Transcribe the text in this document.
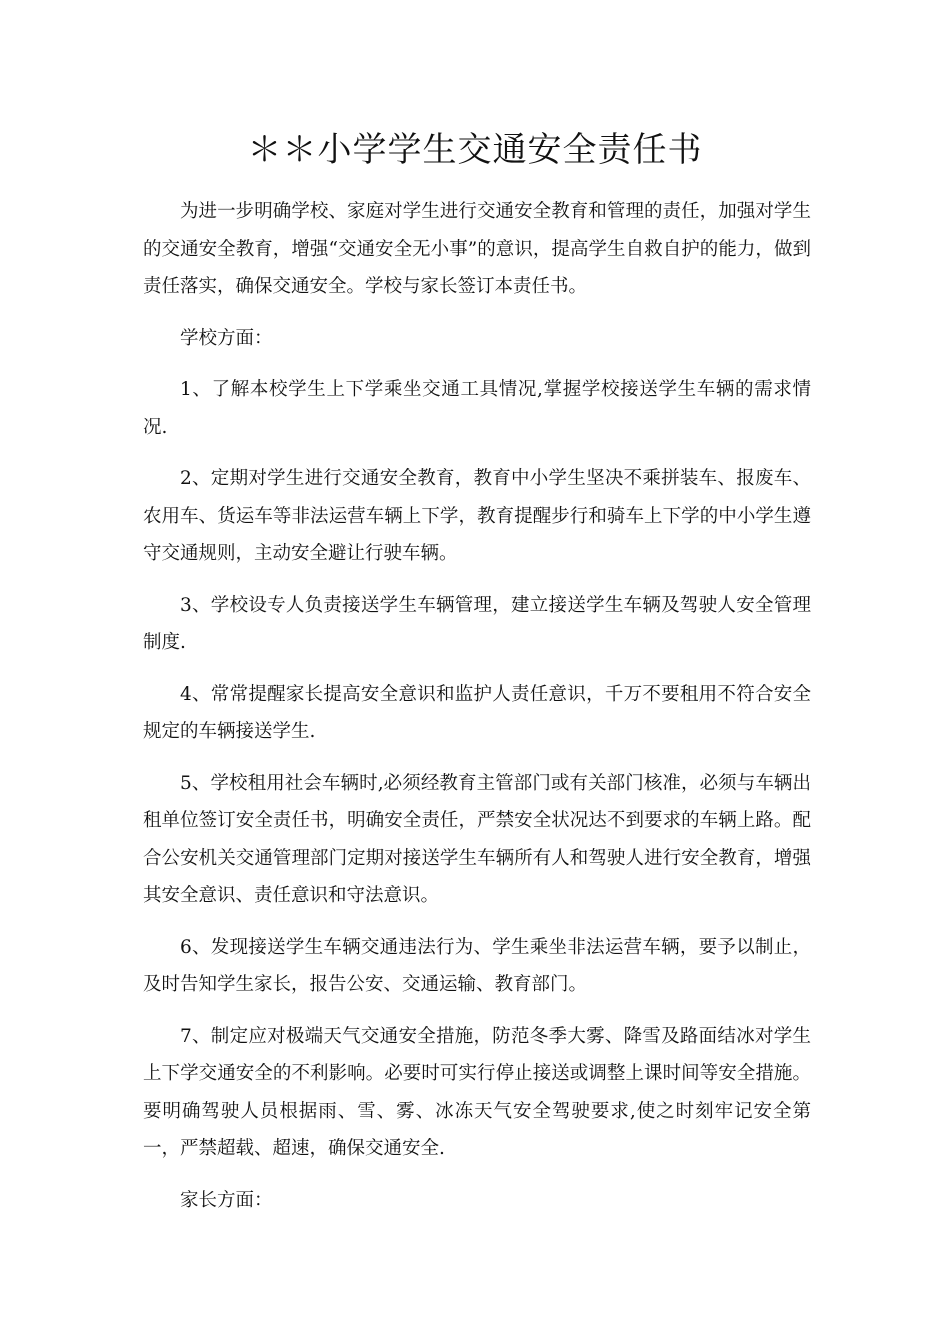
＊＊小学学生交通安全责任书

为进一步明确学校、家庭对学生进行交通安全教育和管理的责任，加强对学生的交通安全教育，增强“交通安全无小事”的意识，提高学生自救自护的能力，做到责任落实，确保交通安全。学校与家长签订本责任书。

学校方面：

1、了解本校学生上下学乘坐交通工具情况,掌握学校接送学生车辆的需求情况.

2、定期对学生进行交通安全教育，教育中小学生坚决不乘拼装车、报废车、农用车、货运车等非法运营车辆上下学，教育提醒步行和骑车上下学的中小学生遵守交通规则，主动安全避让行驶车辆。

3、学校设专人负责接送学生车辆管理，建立接送学生车辆及驾驶人安全管理制度.

4、常常提醒家长提高安全意识和监护人责任意识，千万不要租用不符合安全规定的车辆接送学生.

5、学校租用社会车辆时,必须经教育主管部门或有关部门核准，必须与车辆出租单位签订安全责任书，明确安全责任，严禁安全状况达不到要求的车辆上路。配合公安机关交通管理部门定期对接送学生车辆所有人和驾驶人进行安全教育，增强其安全意识、责任意识和守法意识。

6、发现接送学生车辆交通违法行为、学生乘坐非法运营车辆，要予以制止，及时告知学生家长，报告公安、交通运输、教育部门。

7、制定应对极端天气交通安全措施，防范冬季大雾、降雪及路面结冰对学生上下学交通安全的不利影响。必要时可实行停止接送或调整上课时间等安全措施。要明确驾驶人员根据雨、雪、雾、冰冻天气安全驾驶要求,使之时刻牢记安全第一，严禁超载、超速，确保交通安全.

家长方面：
